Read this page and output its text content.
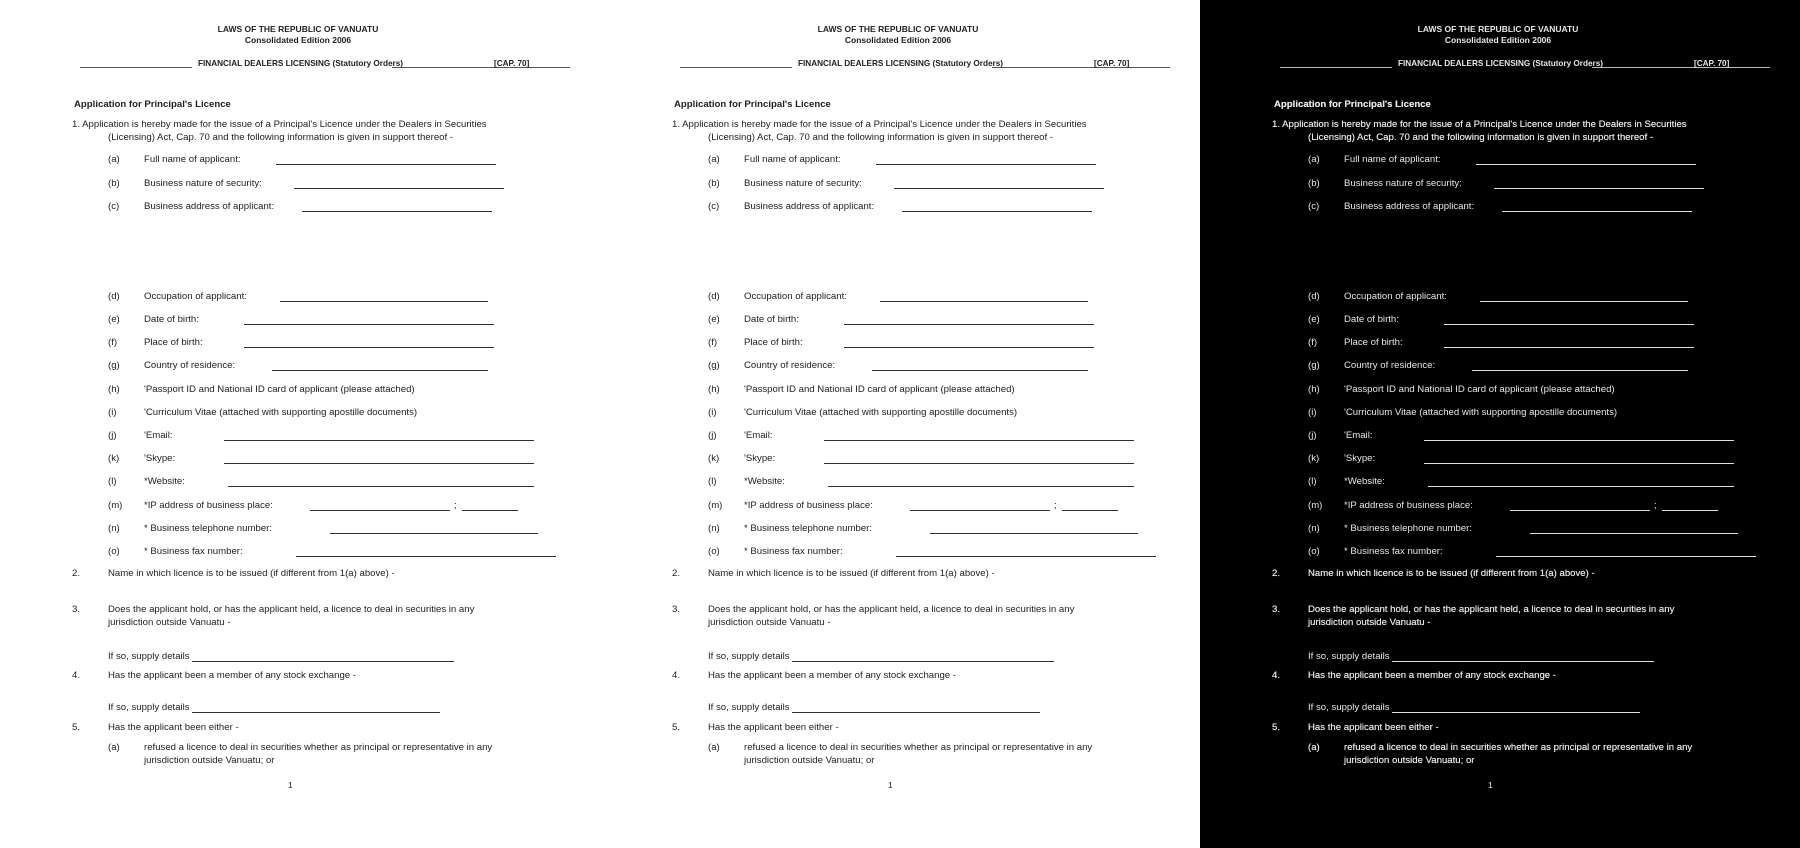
LAWS OF THE REPUBLIC OF VANUATU
Consolidated Edition 2006
FINANCIAL DEALERS LICENSING (Statutory Orders)	[CAP. 70]
Application for Principal's Licence
1. Application is hereby made for the issue of a Principal's Licence under the Dealers in Securities
(Licensing) Act, Cap. 70 and the following information is given in support thereof -
(a)	Full name of applicant:
(b)	Business nature of security:
(c)	Business address of applicant:
(d)	Occupation of applicant:
(e)	Date of birth:
(f)	Place of birth:
(g)	Country of residence:
(h)	'Passport ID and National ID card of applicant (please attached)
(i)	'Curriculum Vitae (attached with supporting apostille documents)
(j)	'Email:
(k)	'Skype:
(l)	*Website:
(m)	*IP address of business place:	;
(n)	* Business telephone number:
(o)	* Business fax number:
2.	Name in which licence is to be issued (if different from 1(a) above) -
3.	Does the applicant hold, or has the applicant held, a licence to deal in securities in any
jurisdiction outside Vanuatu -
If so, supply details
4.	Has the applicant been a member of any stock exchange -
If so, supply details
5.	Has the applicant been either -
(a)	refused a licence to deal in securities whether as principal or representative in any
jurisdiction outside Vanuatu; or
1
LAWS OF THE REPUBLIC OF VANUATU
Consolidated Edition 2006
FINANCIAL DEALERS LICENSING (Statutory Orders)	[CAP. 70]
Application for Principal's Licence
1. Application is hereby made for the issue of a Principal's Licence under the Dealers in Securities
(Licensing) Act, Cap. 70 and the following information is given in support thereof -
(a)	Full name of applicant:
(b)	Business nature of security:
(c)	Business address of applicant:
(d)	Occupation of applicant:
(e)	Date of birth:
(f)	Place of birth:
(g)	Country of residence:
(h)	'Passport ID and National ID card of applicant (please attached)
(i)	'Curriculum Vitae (attached with supporting apostille documents)
(j)	'Email:
(k)	'Skype:
(l)	*Website:
(m)	*IP address of business place:	;
(n)	* Business telephone number:
(o)	* Business fax number:
2.	Name in which licence is to be issued (if different from 1(a) above) -
3.	Does the applicant hold, or has the applicant held, a licence to deal in securities in any
jurisdiction outside Vanuatu -
If so, supply details
4.	Has the applicant been a member of any stock exchange -
If so, supply details
5.	Has the applicant been either -
(a)	refused a licence to deal in securities whether as principal or representative in any
jurisdiction outside Vanuatu; or
1
LAWS OF THE REPUBLIC OF VANUATU
Consolidated Edition 2006
FINANCIAL DEALERS LICENSING (Statutory Orders)	[CAP. 70]
Application for Principal's Licence
1. Application is hereby made for the issue of a Principal's Licence under the Dealers in Securities
(Licensing) Act, Cap. 70 and the following information is given in support thereof -
(a)	Full name of applicant:
(b)	Business nature of security:
(c)	Business address of applicant:
(d)	Occupation of applicant:
(e)	Date of birth:
(f)	Place of birth:
(g)	Country of residence:
(h)	'Passport ID and National ID card of applicant (please attached)
(i)	'Curriculum Vitae (attached with supporting apostille documents)
(j)	'Email:
(k)	'Skype:
(l)	*Website:
(m)	*IP address of business place:	;
(n)	* Business telephone number:
(o)	* Business fax number:
2.	Name in which licence is to be issued (if different from 1(a) above) -
3.	Does the applicant hold, or has the applicant held, a licence to deal in securities in any
jurisdiction outside Vanuatu -
If so, supply details
4.	Has the applicant been a member of any stock exchange -
If so, supply details
5.	Has the applicant been either -
(a)	refused a licence to deal in securities whether as principal or representative in any
jurisdiction outside Vanuatu; or
1
